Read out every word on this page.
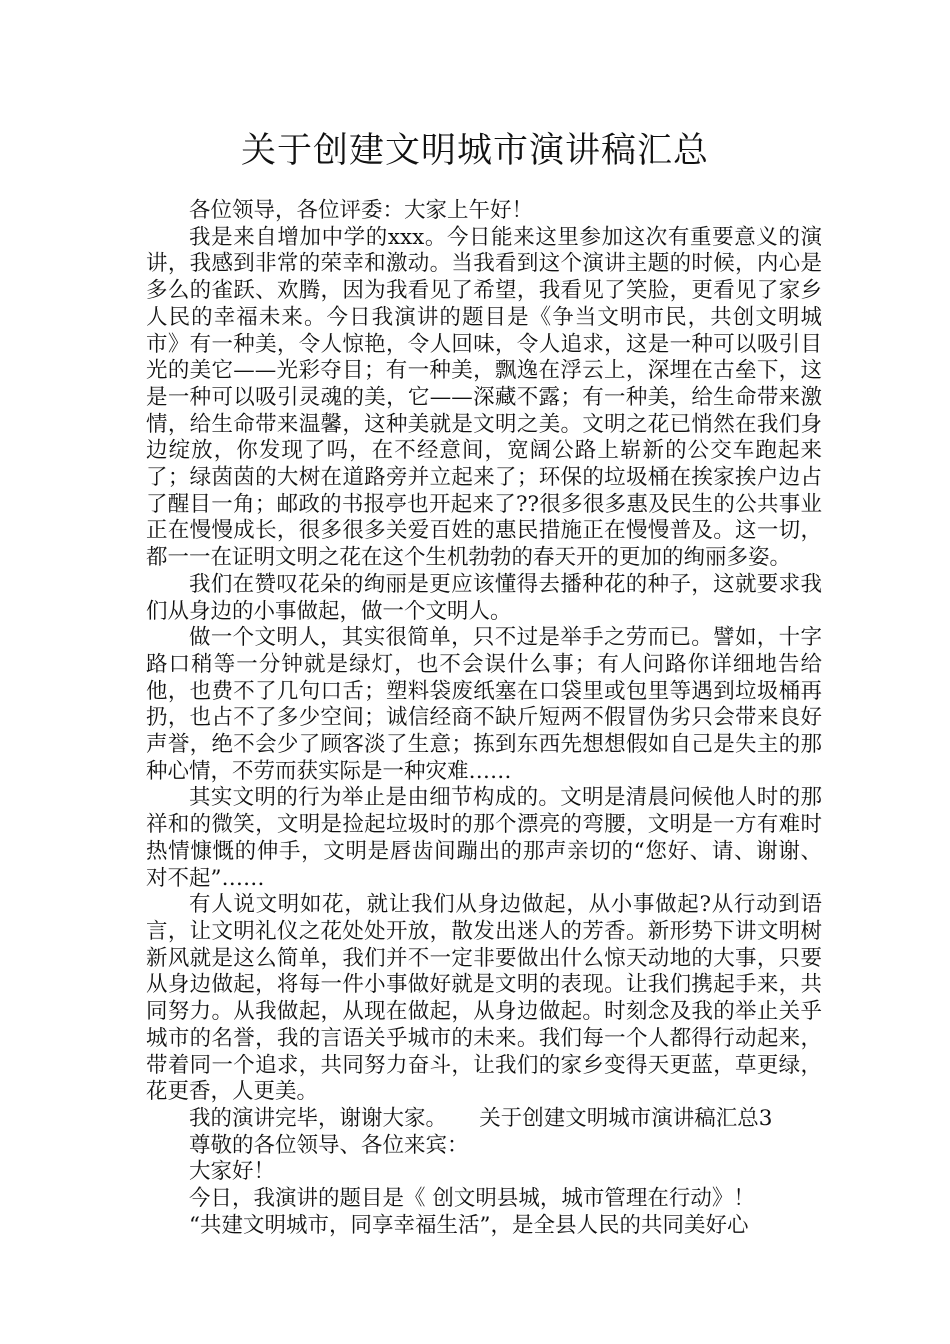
关于创建文明城市演讲稿汇总

各位领导，各位评委：大家上午好！

我是来自增加中学的xxx。今日能来这里参加这次有重要意义的演讲，我感到非常的荣幸和激动。当我看到这个演讲主题的时候，内心是多么的雀跃、欢腾，因为我看见了希望，我看见了笑脸，更看见了家乡人民的幸福未来。今日我演讲的题目是《争当文明市民，共创文明城市》有一种美，令人惊艳，令人回味，令人追求，这是一种可以吸引目光的美它——光彩夺目；有一种美，飘逸在浮云上，深埋在古垒下，这是一种可以吸引灵魂的美，它——深藏不露；有一种美，给生命带来激情，给生命带来温馨，这种美就是文明之美。文明之花已悄然在我们身边绽放，你发现了吗，在不经意间，宽阔公路上崭新的公交车跑起来了；绿茵茵的大树在道路旁并立起来了；环保的垃圾桶在挨家挨户边占了醒目一角；邮政的书报亭也开起来了??很多很多惠及民生的公共事业正在慢慢成长，很多很多关爱百姓的惠民措施正在慢慢普及。这一切，都一一在证明文明之花在这个生机勃勃的春天开的更加的绚丽多姿。

我们在赞叹花朵的绚丽是更应该懂得去播种花的种子，这就要求我们从身边的小事做起，做一个文明人。

做一个文明人，其实很简单，只不过是举手之劳而已。譬如，十字路口稍等一分钟就是绿灯，也不会误什么事；有人问路你详细地告给他，也费不了几句口舌；塑料袋废纸塞在口袋里或包里等遇到垃圾桶再扔，也占不了多少空间；诚信经商不缺斤短两不假冒伪劣只会带来良好声誉，绝不会少了顾客淡了生意；拣到东西先想想假如自己是失主的那种心情，不劳而获实际是一种灾难……

其实文明的行为举止是由细节构成的。文明是清晨问候他人时的那祥和的微笑，文明是捡起垃圾时的那个漂亮的弯腰，文明是一方有难时热情慷慨的伸手，文明是唇齿间蹦出的那声亲切的“您好、请、谢谢、对不起”……

有人说文明如花，就让我们从身边做起，从小事做起?从行动到语言，让文明礼仪之花处处开放，散发出迷人的芳香。新形势下讲文明树新风就是这么简单，我们并不一定非要做出什么惊天动地的大事，只要从身边做起，将每一件小事做好就是文明的表现。让我们携起手来，共同努力。从我做起，从现在做起，从身边做起。时刻念及我的举止关乎城市的名誉，我的言语关乎城市的未来。我们每一个人都得行动起来，带着同一个追求，共同努力奋斗，让我们的家乡变得天更蓝，草更绿，花更香，人更美。

我的演讲完毕，谢谢大家。　　关于创建文明城市演讲稿汇总3

尊敬的各位领导、各位来宾：

大家好！

今日，我演讲的题目是《 创文明县城，城市管理在行动》！

“共建文明城市，同享幸福生活”，是全县人民的共同美好心
